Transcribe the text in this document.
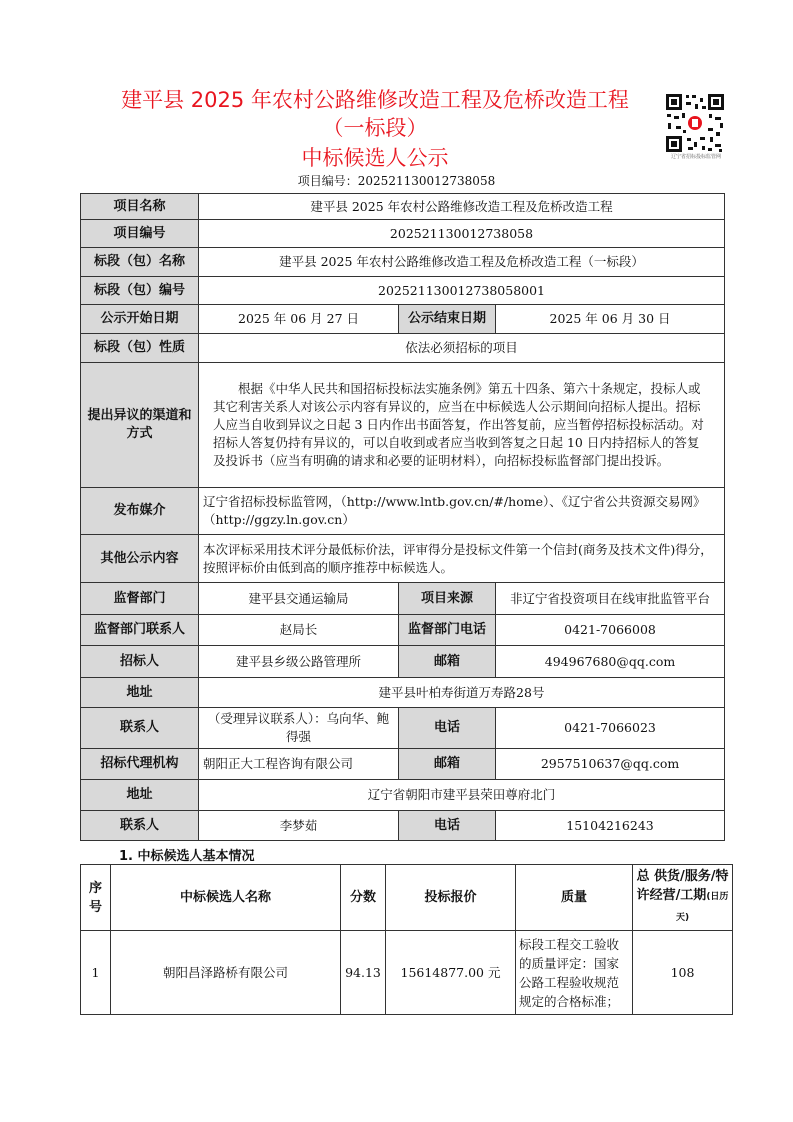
建平县 2025 年农村公路维修改造工程及危桥改造工程（一标段）
中标候选人公示
项目编号：20252113001273805​8
辽宁省招标投标监管网
项目名称	建平县 2025 年农村公路维修改造工程及危桥改造工程		
项目编号	202521130012738058		
标段（包）名称	建平县 2025 年农村公路维修改造工程及危桥改造工程（一标段）		
标段（包）编号	202521130012738058001		
公示开始日期	2025 年 06 月 27 日	公示结束日期	2025 年 06 月 30 日
标段（包）性质	依法必须招标的项目		
提出异议的渠道和方式	根据《中华人民共和国招标投标法实施条例》第五十四条、第六十条规定，投标人或其它利害关系人对该公示内容有异议的，应当在中标候选人公示期间向招标人提出。招标人应当自收到异议之日起 3 日内作出书面答复，作出答复前，应当暂停招标投标活动。对招标人答复仍持有异议的，可以自收到或者应当收到答复之日起 10 日内持招标人的答复及投诉书（应当有明确的请求和必要的证明材料），向招标投标监督部门提出投诉。		
发布媒介	辽宁省招标投标监管网，（http://www.lntb.gov.cn/#/home）、《辽宁省公共资源交易网》（http://ggzy.ln.gov.cn）		
其他公示内容	本次评标采用技术评分最低标价法，评审得分是投标文件第一个信封(商务及技术文件)得分，按照评标价由低到高的顺序推荐中标候选人。		
监督部门	建平县交通运输局	项目来源	非辽宁省投资项目在线审批监管平台
监督部门联系人	赵局长	监督部门电话	0421-7066008
招标人	建平县乡级公路管理所	邮箱	494967680@qq.com
地址	建平县叶柏寿街道万寿路28号		
联系人	（受理异议联系人）：乌向华、鲍得强	电话	0421-7066023
招标代理机构	朝阳正大工程咨询有限公司	邮箱	2957510637@qq.com
地址	辽宁省朝阳市建平县荣田尊府北门		
联系人	李梦茹	电话	15104216243
1. 中标候选人基本情况
序号	中标候选人名称	分数	投标报价	质量	总 供货/服务/特许经营/工期(日历天)
1	朝阳昌泽路桥有限公司	94.13	15614877.00 元	标段工程交工验收的质量评定：国家公路工程验收规范规定的合格标准；	108
